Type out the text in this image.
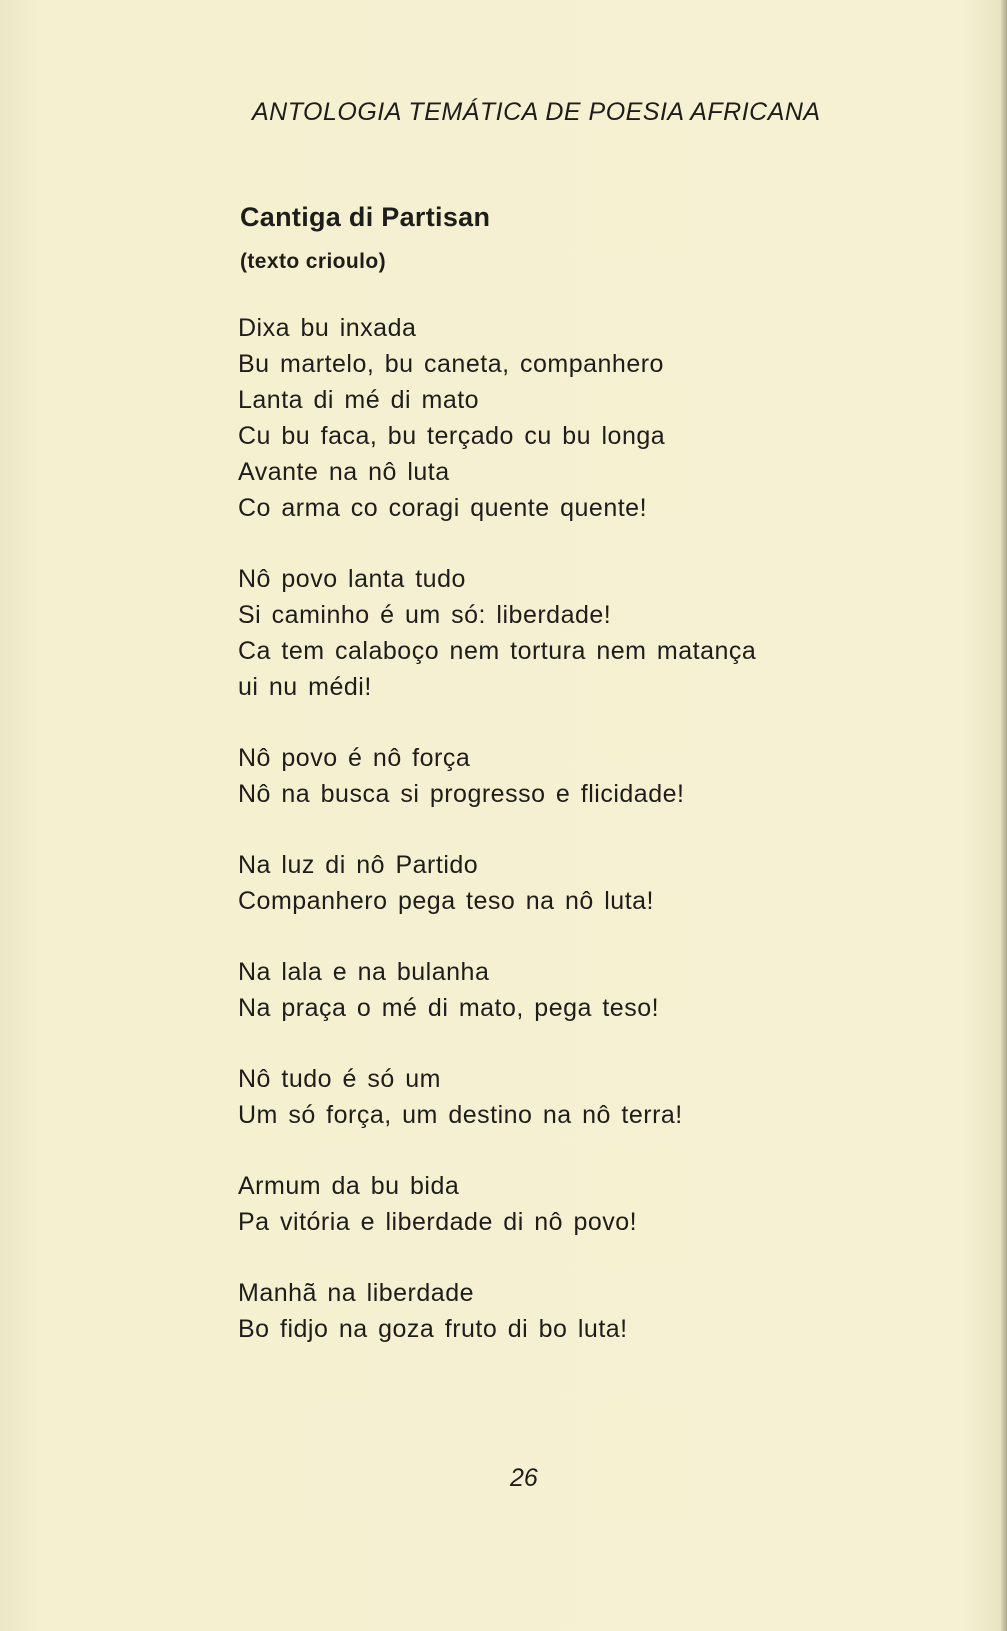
ANTOLOGIA TEMÁTICA DE POESIA AFRICANA
Cantiga di Partisan
(texto crioulo)
Dixa bu inxada
Bu martelo, bu caneta, companhero
Lanta di mé di mato
Cu bu faca, bu terçado cu bu longa
Avante na nô luta
Co arma co coragi quente quente!
Nô povo lanta tudo
Si caminho é um só: liberdade!
Ca tem calaboço nem tortura nem matança
ui nu médi!
Nô povo é nô força
Nô na busca si progresso e flicidade!
Na luz di nô Partido
Companhero pega teso na nô luta!
Na lala e na bulanha
Na praça o mé di mato, pega teso!
Nô tudo é só um
Um só força, um destino na nô terra!
Armum da bu bida
Pa vitória e liberdade di nô povo!
Manhã na liberdade
Bo fidjo na goza fruto di bo luta!
26
